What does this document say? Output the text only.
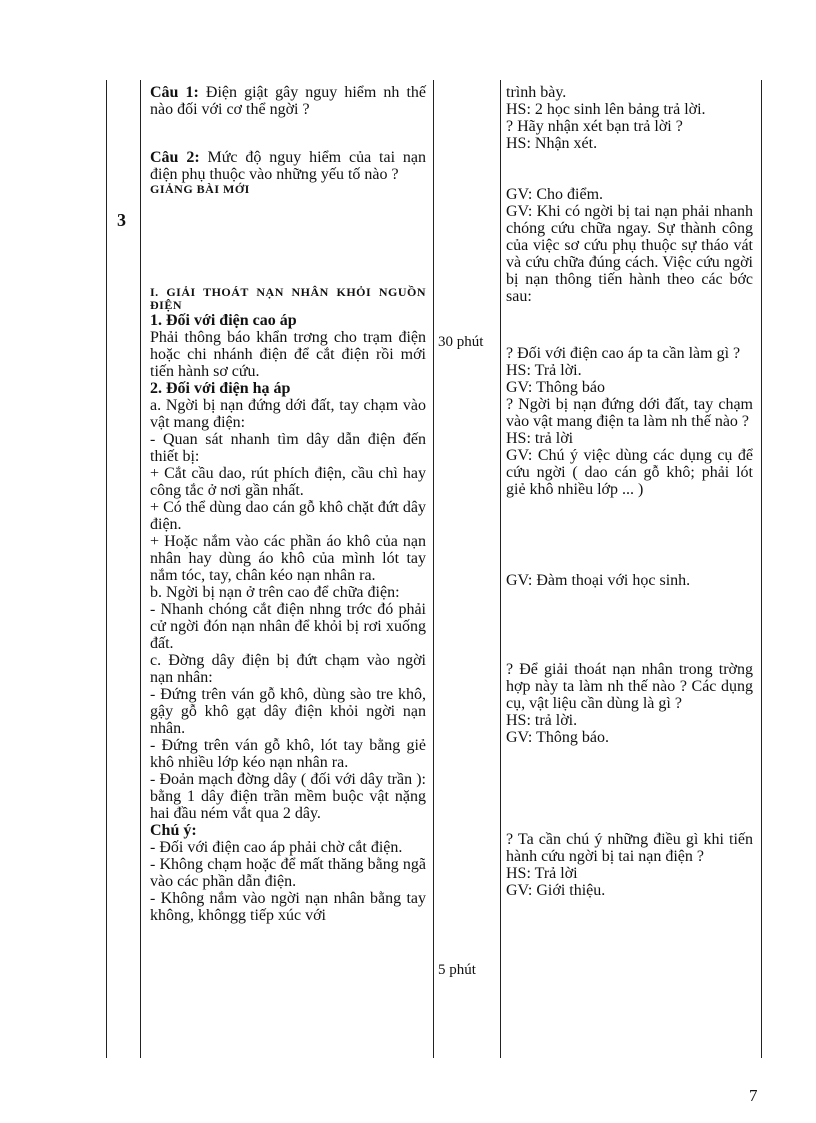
3

Câu 1: Điện giật gây nguy hiểm nh thế nào đối với cơ thể ngời ?

Câu 2: Mức độ nguy hiểm của tai nạn điện phụ thuộc vào những yếu tố nào ?

GIẢNG BÀI MỚI

I. GIẢI THOÁT NẠN NHÂN KHỎI NGUỒN ĐIỆN

1. Đối với điện cao áp

Phải thông báo khẩn trơng cho trạm điện hoặc chi nhánh điện để cắt điện rồi mới tiến hành sơ cứu.

2. Đối với điện hạ áp

a. Ngời bị nạn đứng dới đất, tay chạm vào vật mang điện:

- Quan sát nhanh tìm dây dẫn điện đến thiết bị:

+ Cắt cầu dao, rút phích điện, cầu chì hay công tắc ở nơi gần nhất.

+ Có thể dùng dao cán gỗ khô chặt đứt dây điện.

+ Hoặc nắm vào các phần áo khô của nạn nhân hay dùng áo khô của mình lót tay nắm tóc, tay, chân kéo nạn nhân ra.

b. Ngời bị nạn ở trên cao để chữa điện:

- Nhanh chóng cắt điện nhng trớc đó phải cử ngời đón nạn nhân để khỏi bị rơi xuống đất.

c. Đờng dây điện bị đứt chạm vào ngời nạn nhân:

- Đứng trên ván gỗ khô, dùng sào tre khô, gậy gỗ khô gạt dây điện khỏi ngời nạn nhân.

- Đứng trên ván gỗ khô, lót tay bằng giẻ khô nhiều lớp kéo nạn nhân ra.

- Đoản mạch đờng dây ( đối với dây trần ): bằng 1 dây điện trần mềm buộc vật nặng hai đầu ném vắt qua 2 dây.

Chú ý:

- Đối với điện cao áp phải chờ cắt điện.

- Không chạm hoặc để mất thăng bằng ngã vào các phần dẫn điện.

- Không nắm vào ngời nạn nhân bằng tay không, khôngg tiếp xúc với

30 phút
5 phút

trình bày.

HS: 2 học sinh lên bảng trả lời.

? Hãy nhận xét bạn trả lời ?

HS: Nhận xét.

GV: Cho điểm.

GV: Khi có ngời bị tai nạn phải nhanh chóng cứu chữa ngay. Sự thành công của việc sơ cứu phụ thuộc sự tháo vát và cứu chữa đúng cách. Việc cứu ngời bị nạn thông tiến hành theo các bớc sau:

? Đối với điện cao áp ta cần làm gì ?

HS: Trả lời.

GV: Thông báo

? Ngời bị nạn đứng dới đất, tay chạm vào vật mang điện ta làm nh thế nào ?

HS: trả lời

GV: Chú ý việc dùng các dụng cụ để cứu ngời ( dao cán gỗ khô; phải lót giẻ khô nhiều lớp ... )

GV: Đàm thoại với học sinh.

? Để giải thoát nạn nhân trong trờng hợp này ta làm nh thế nào ? Các dụng cụ, vật liệu cần dùng là gì ?

HS: trả lời.

GV: Thông báo.

? Ta cần chú ý những điều gì khi tiến hành cứu ngời bị tai nạn điện ?

HS: Trả lời

GV: Giới thiệu.

7
